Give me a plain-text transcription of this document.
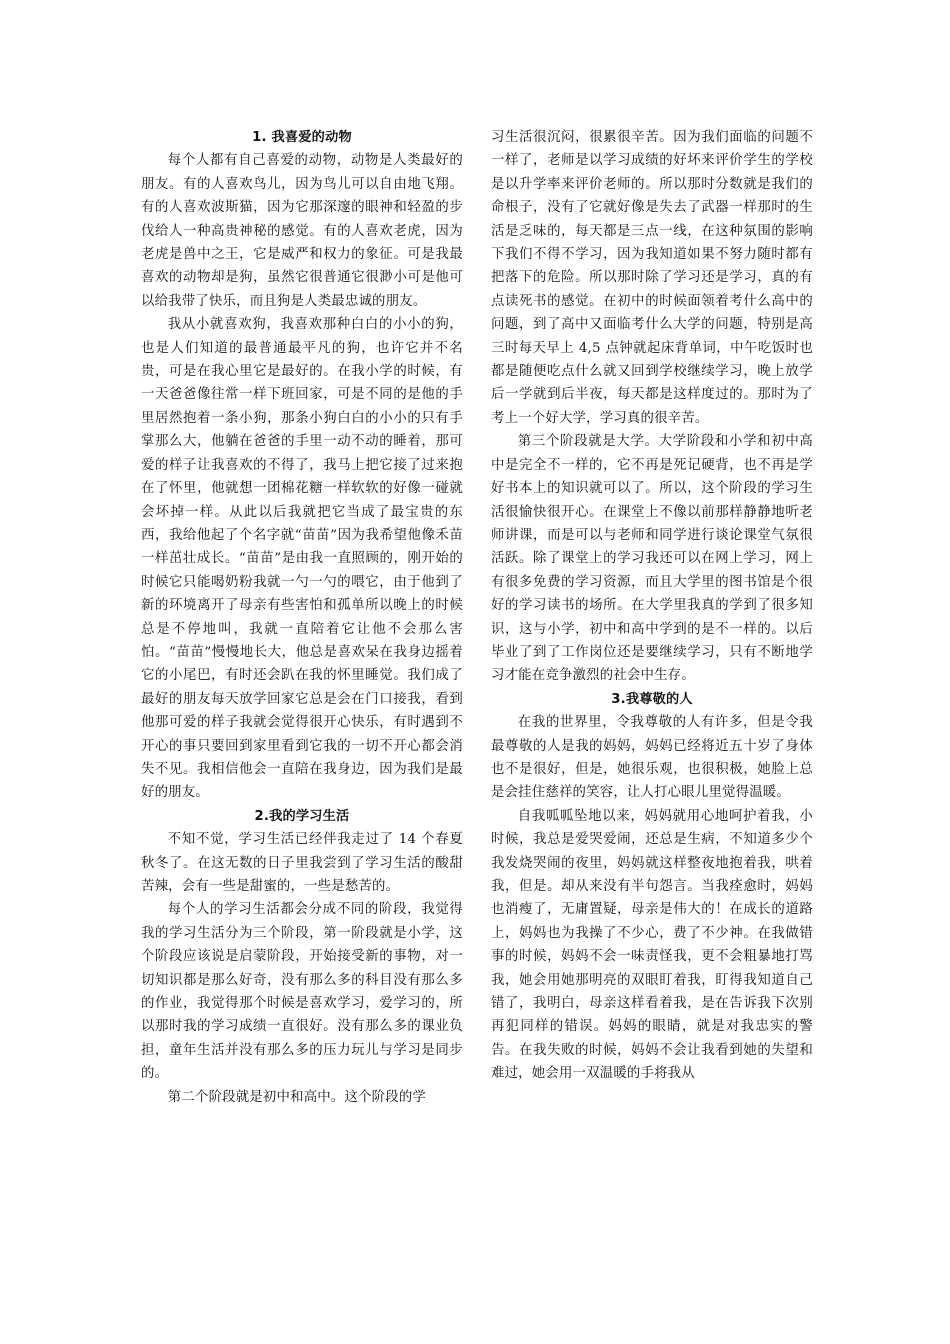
1. 我喜爱的动物

每个人都有自己喜爱的动物，动物是人类最好的朋友。有的人喜欢鸟儿，因为鸟儿可以自由地飞翔。有的人喜欢波斯猫，因为它那深邃的眼神和轻盈的步伐给人一种高贵神秘的感觉。有的人喜欢老虎，因为老虎是兽中之王，它是威严和权力的象征。可是我最喜欢的动物却是狗，虽然它很普通它很渺小可是他可以给我带了快乐，而且狗是人类最忠诚的朋友。

我从小就喜欢狗，我喜欢那种白白的小小的狗，也是人们知道的最普通最平凡的狗，也许它并不名贵，可是在我心里它是最好的。在我小学的时候，有一天爸爸像往常一样下班回家，可是不同的是他的手里居然抱着一条小狗，那条小狗白白的小小的只有手掌那么大，他躺在爸爸的手里一动不动的睡着，那可爱的样子让我喜欢的不得了，我马上把它接了过来抱在了怀里，他就想一团棉花糖一样软软的好像一碰就会坏掉一样。从此以后我就把它当成了最宝贵的东西，我给他起了个名字就“苗苗”因为我希望他像禾苗一样茁壮成长。“苗苗”是由我一直照顾的，刚开始的时候它只能喝奶粉我就一勺一勺的喂它，由于他到了新的环境离开了母亲有些害怕和孤单所以晚上的时候总是不停地叫，我就一直陪着它让他不会那么害怕。“苗苗”慢慢地长大，他总是喜欢呆在我身边摇着它的小尾巴，有时还会趴在我的怀里睡觉。我们成了最好的朋友每天放学回家它总是会在门口接我，看到他那可爱的样子我就会觉得很开心快乐，有时遇到不开心的事只要回到家里看到它我的一切不开心都会消失不见。我相信他会一直陪在我身边，因为我们是最好的朋友。

2.我的学习生活

不知不觉，学习生活已经伴我走过了 14 个春夏秋冬了。在这无数的日子里我尝到了学习生活的酸甜苦辣，会有一些是甜蜜的，一些是愁苦的。

每个人的学习生活都会分成不同的阶段，我觉得我的学习生活分为三个阶段，第一阶段就是小学，这个阶段应该说是启蒙阶段，开始接受新的事物，对一切知识都是那么好奇，没有那么多的科目没有那么多的作业，我觉得那个时候是喜欢学习，爱学习的，所以那时我的学习成绩一直很好。没有那么多的课业负担，童年生活并没有那么多的压力玩儿与学习是同步的。

第二个阶段就是初中和高中。这个阶段的学

习生活很沉闷，很累很辛苦。因为我们面临的问题不一样了，老师是以学习成绩的好坏来评价学生的学校是以升学率来评价老师的。所以那时分数就是我们的命根子，没有了它就好像是失去了武器一样那时的生活是乏味的，每天都是三点一线，在这种氛围的影响下我们不得不学习，因为我知道如果不努力随时都有把落下的危险。所以那时除了学习还是学习，真的有点读死书的感觉。在初中的时候面领着考什么高中的问题，到了高中又面临考什么大学的问题，特别是高三时每天早上 4,5 点钟就起床背单词，中午吃饭时也都是随便吃点什么就又回到学校继续学习，晚上放学后一学就到后半夜，每天都是这样度过的。那时为了考上一个好大学，学习真的很辛苦。

第三个阶段就是大学。大学阶段和小学和初中高中是完全不一样的，它不再是死记硬背，也不再是学好书本上的知识就可以了。所以，这个阶段的学习生活很愉快很开心。在课堂上不像以前那样静静地听老师讲课，而是可以与老师和同学进行谈论课堂气氛很活跃。除了课堂上的学习我还可以在网上学习，网上有很多免费的学习资源，而且大学里的图书馆是个很好的学习读书的场所。在大学里我真的学到了很多知识，这与小学，初中和高中学到的是不一样的。以后毕业了到了工作岗位还是要继续学习，只有不断地学习才能在竞争激烈的社会中生存。

3.我尊敬的人

在我的世界里，令我尊敬的人有许多，但是令我最尊敬的人是我的妈妈，妈妈已经将近五十岁了身体也不是很好，但是，她很乐观，也很积极，她脸上总是会挂住慈祥的笑容，让人打心眼儿里觉得温暖。

自我呱呱坠地以来，妈妈就用心地呵护着我，小时候，我总是爱哭爱闹，还总是生病，不知道多少个我发烧哭闹的夜里，妈妈就这样整夜地抱着我，哄着我，但是。却从来没有半句怨言。当我痊愈时，妈妈也消瘦了，无庸置疑，母亲是伟大的！在成长的道路上，妈妈也为我操了不少心，费了不少神。在我做错事的时候，妈妈不会一味责怪我，更不会粗暴地打骂我，她会用她那明亮的双眼盯着我，盯得我知道自己错了，我明白，母亲这样看着我，是在告诉我下次别再犯同样的错误。妈妈的眼睛，就是对我忠实的警告。在我失败的时候，妈妈不会让我看到她的失望和难过，她会用一双温暖的手将我从
